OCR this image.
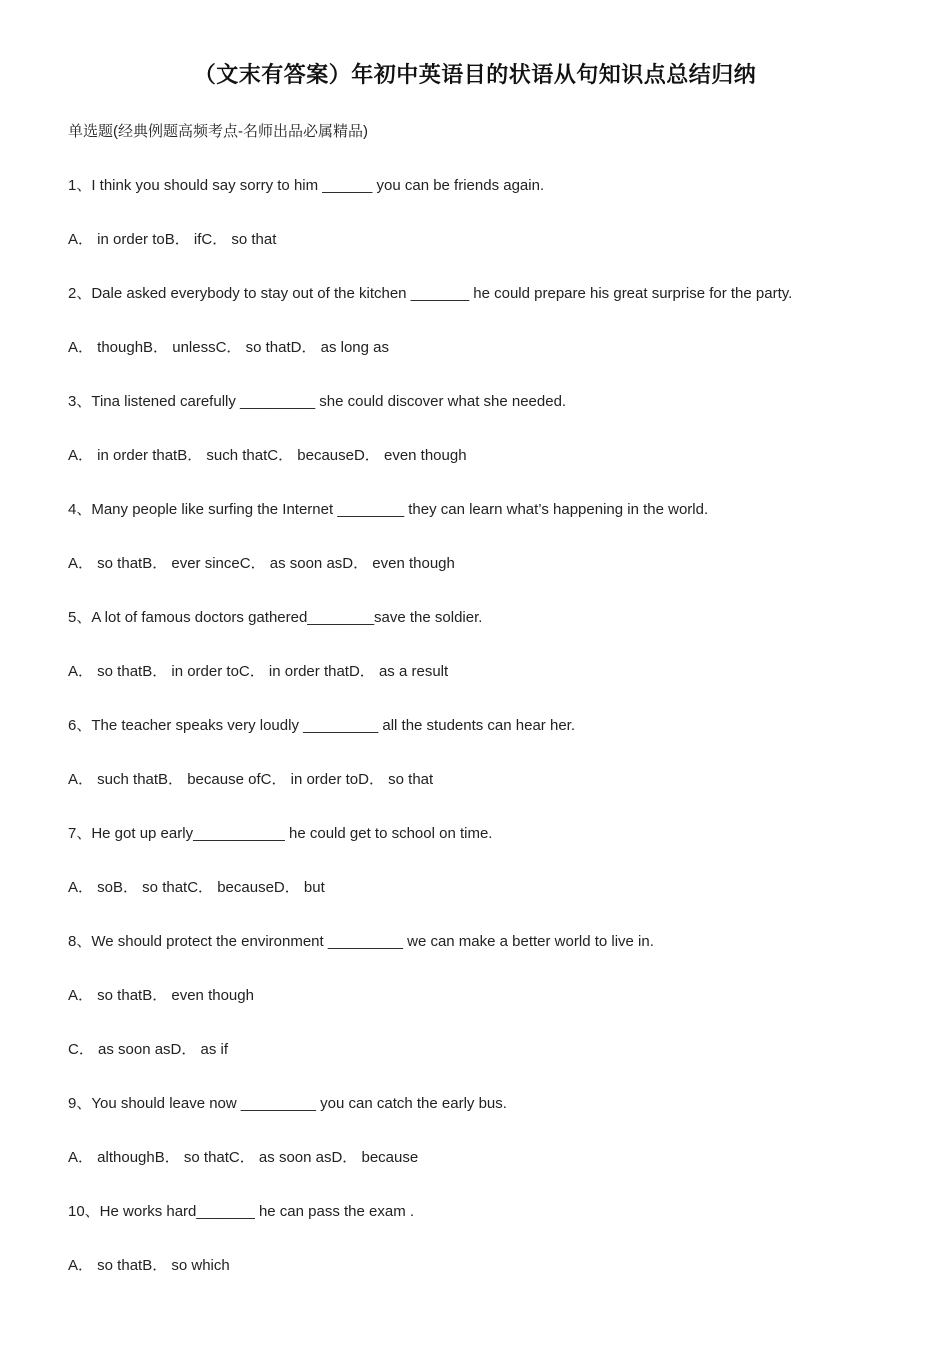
（文末有答案）年初中英语目的状语从句知识点总结归纳
单选题(经典例题高频考点-名师出品必属精品)
1、I think you should say sorry to him ______ you can be friends again.
A． in order toB． ifC． so that
2、Dale asked everybody to stay out of the kitchen _______ he could prepare his great surprise for the party.
A． thoughB． unlessC． so thatD． as long as
3、Tina listened carefully _________ she could discover what she needed.
A． in order thatB． such thatC． becauseD． even though
4、Many people like surfing the Internet ________ they can learn what’s happening in the world.
A． so thatB． ever sinceC． as soon asD． even though
5、A lot of famous doctors gathered________save the soldier.
A． so thatB． in order toC． in order thatD． as a result
6、The teacher speaks very loudly _________ all the students can hear her.
A． such thatB． because ofC． in order toD． so that
7、He got up early___________ he could get to school on time.
A． soB． so thatC． becauseD． but
8、We should protect the environment _________ we can make a better world to live in.
A． so thatB． even though
C． as soon asD． as if
9、You should leave now _________ you can catch the early bus.
A． althoughB． so thatC． as soon asD． because
10、He works hard_______ he can pass the exam .
A． so thatB． so which
